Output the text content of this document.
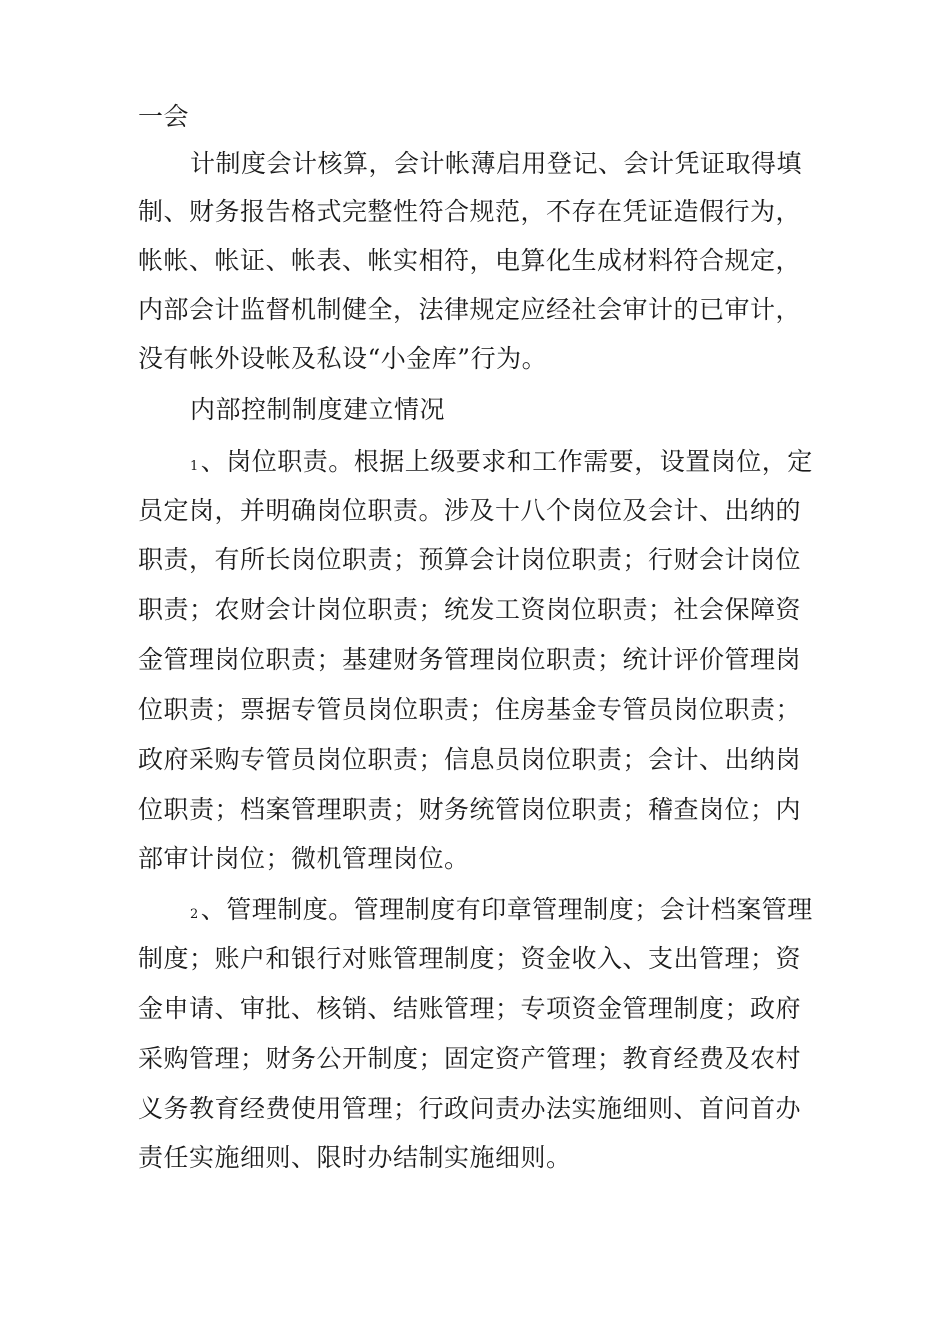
一会
计制度会计核算，会计帐薄启用登记、会计凭证取得填
制、财务报告格式完整性符合规范，不存在凭证造假行为，
帐帐、帐证、帐表、帐实相符，电算化生成材料符合规定，
内部会计监督机制健全，法律规定应经社会审计的已审计，
没有帐外设帐及私设“小金库”行为。
内部控制制度建立情况
1、岗位职责。根据上级要求和工作需要，设置岗位，定
员定岗，并明确岗位职责。涉及十八个岗位及会计、出纳的
职责，有所长岗位职责；预算会计岗位职责；行财会计岗位
职责；农财会计岗位职责；统发工资岗位职责；社会保障资
金管理岗位职责；基建财务管理岗位职责；统计评价管理岗
位职责；票据专管员岗位职责；住房基金专管员岗位职责；
政府采购专管员岗位职责；信息员岗位职责；会计、出纳岗
位职责；档案管理职责；财务统管岗位职责；稽查岗位；内
部审计岗位；微机管理岗位。
2、管理制度。管理制度有印章管理制度；会计档案管理
制度；账户和银行对账管理制度；资金收入、支出管理；资
金申请、审批、核销、结账管理；专项资金管理制度；政府
采购管理；财务公开制度；固定资产管理；教育经费及农村
义务教育经费使用管理；行政问责办法实施细则、首问首办
责任实施细则、限时办结制实施细则。
